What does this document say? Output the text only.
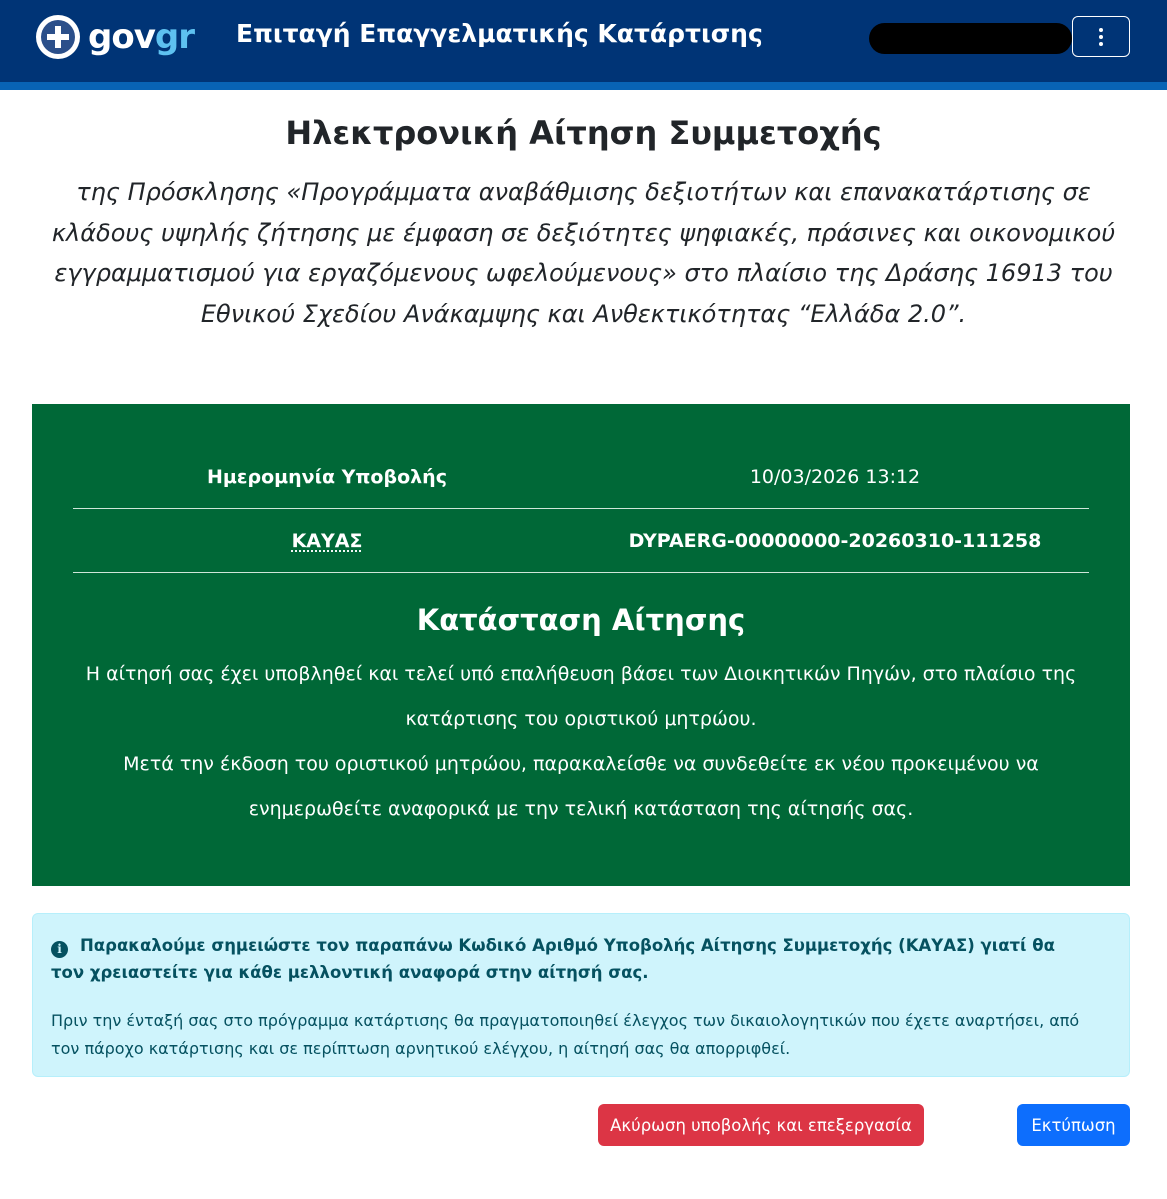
govgr Επιταγή Επαγγελματικής Κατάρτισης
Ηλεκτρονική Αίτηση Συμμετοχής

της Πρόσκλησης «Προγράμματα αναβάθμισης δεξιοτήτων και επανακατάρτισης σε κλάδους υψηλής ζήτησης με έμφαση σε δεξιότητες ψηφιακές, πράσινες και οικονομικού εγγραμματισμού για εργαζόμενους ωφελούμενους» στο πλαίσιο της Δράσης 16913 του Εθνικού Σχεδίου Ανάκαμψης και Ανθεκτικότητας “Ελλάδα 2.0”.

Ημερομηνία Υποβολής	10/03/2026 13:12
ΚΑΥΑΣ	DYPAERG-00000000-20260310-111258
Κατάσταση Αίτησης

Η αίτησή σας έχει υποβληθεί και τελεί υπό επαλήθευση βάσει των Διοικητικών Πηγών, στο πλαίσιο της κατάρτισης του οριστικού μητρώου.

Μετά την έκδοση του οριστικού μητρώου, παρακαλείσθε να συνδεθείτε εκ νέου προκειμένου να ενημερωθείτε αναφορικά με την τελική κατάσταση της αίτησής σας.

i Παρακαλούμε σημειώστε τον παραπάνω Κωδικό Αριθμό Υποβολής Αίτησης Συμμετοχής (ΚΑΥΑΣ) γιατί θα τον χρειαστείτε για κάθε μελλοντική αναφορά στην αίτησή σας.

Πριν την ένταξή σας στο πρόγραμμα κατάρτισης θα πραγματοποιηθεί έλεγχος των δικαιολογητικών που έχετε αναρτήσει, από τον πάροχο κατάρτισης και σε περίπτωση αρνητικού ελέγχου, η αίτησή σας θα απορριφθεί.

Ακύρωση υποβολής και επεξεργασία	Εκτύπωση
